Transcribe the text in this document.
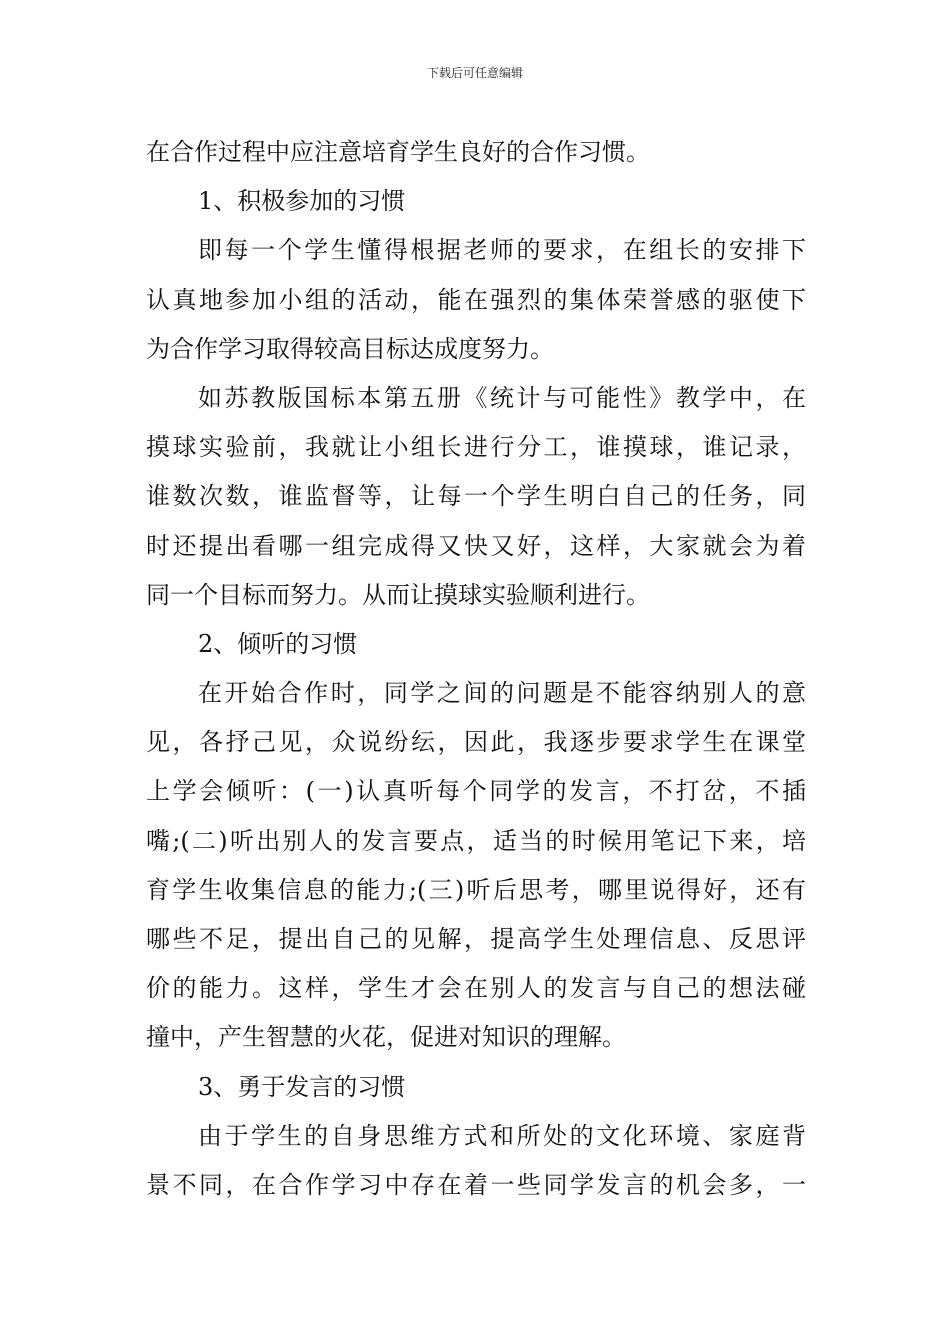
下载后可任意编辑
在合作过程中应注意培育学生良好的合作习惯。
1、积极参加的习惯
即每一个学生懂得根据老师的要求，在组长的安排下
认真地参加小组的活动，能在强烈的集体荣誉感的驱使下
为合作学习取得较高目标达成度努力。
如苏教版国标本第五册《统计与可能性》教学中，在
摸球实验前，我就让小组长进行分工，谁摸球，谁记录，
谁数次数，谁监督等，让每一个学生明白自己的任务，同
时还提出看哪一组完成得又快又好，这样，大家就会为着
同一个目标而努力。从而让摸球实验顺利进行。
2、倾听的习惯
在开始合作时，同学之间的问题是不能容纳别人的意
见，各抒己见，众说纷纭，因此，我逐步要求学生在课堂
上学会倾听：(一)认真听每个同学的发言，不打岔，不插
嘴;(二)听出别人的发言要点，适当的时候用笔记下来，培
育学生收集信息的能力;(三)听后思考，哪里说得好，还有
哪些不足，提出自己的见解，提高学生处理信息、反思评
价的能力。这样，学生才会在别人的发言与自己的想法碰
撞中，产生智慧的火花，促进对知识的理解。
3、勇于发言的习惯
由于学生的自身思维方式和所处的文化环境、家庭背
景不同，在合作学习中存在着一些同学发言的机会多，一
